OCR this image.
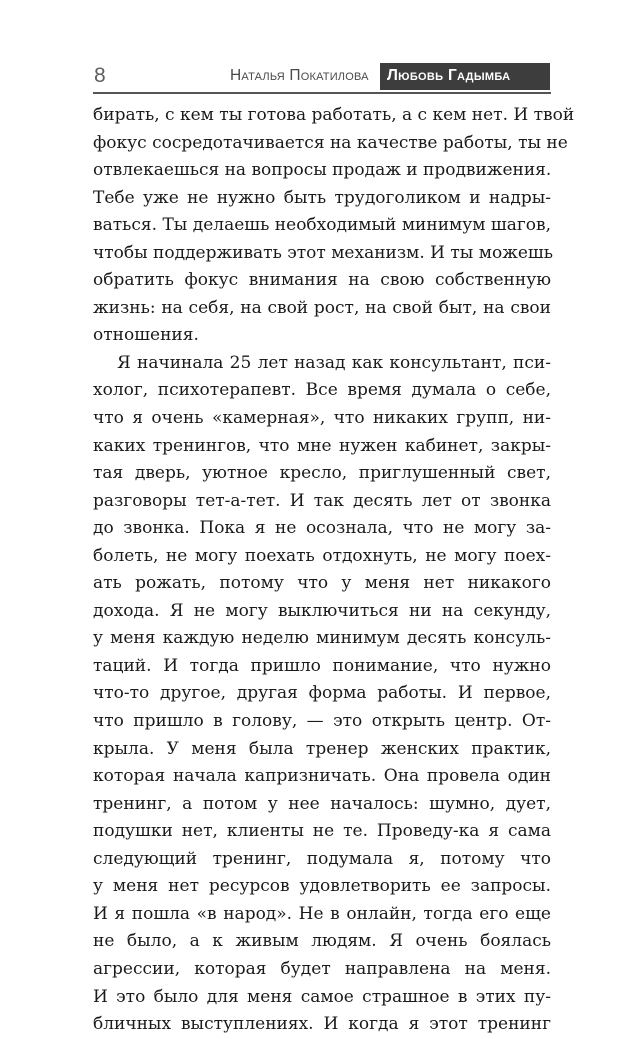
8	Наталья Покатилова	Любовь Гадымба
бирать, с кем ты готова работать, а с кем нет. И твой
фокус сосредотачивается на качестве работы, ты не
отвлекаешься на вопросы продаж и продвижения.
Тебе уже не нужно быть трудоголиком и надры-
ваться. Ты делаешь необходимый минимум шагов,
чтобы поддерживать этот механизм. И ты можешь
обратить фокус внимания на свою собственную
жизнь: на себя, на свой рост, на свой быт, на свои
отношения.
Я начинала 25 лет назад как консультант, пси-
холог, психотерапевт. Все время думала о себе,
что я очень «камерная», что никаких групп, ни-
каких тренингов, что мне нужен кабинет, закры-
тая дверь, уютное кресло, приглушенный свет,
разговоры тет-а-тет. И так десять лет от звонка
до звонка. Пока я не осознала, что не могу за-
болеть, не могу поехать отдохнуть, не могу поех-
ать рожать, потому что у меня нет никакого
дохода. Я не могу выключиться ни на секунду,
у меня каждую неделю минимум десять консуль-
таций. И тогда пришло понимание, что нужно
что-то другое, другая форма работы. И первое,
что пришло в голову, — это открыть центр. От-
крыла. У меня была тренер женских практик,
которая начала капризничать. Она провела один
тренинг, а потом у нее началось: шумно, дует,
подушки нет, клиенты не те. Проведу-ка я сама
следующий тренинг, подумала я, потому что
у меня нет ресурсов удовлетворить ее запросы.
И я пошла «в народ». Не в онлайн, тогда его еще
не было, а к живым людям. Я очень боялась
агрессии, которая будет направлена на меня.
И это было для меня самое страшное в этих пу-
бличных выступлениях. И когда я этот тренинг
